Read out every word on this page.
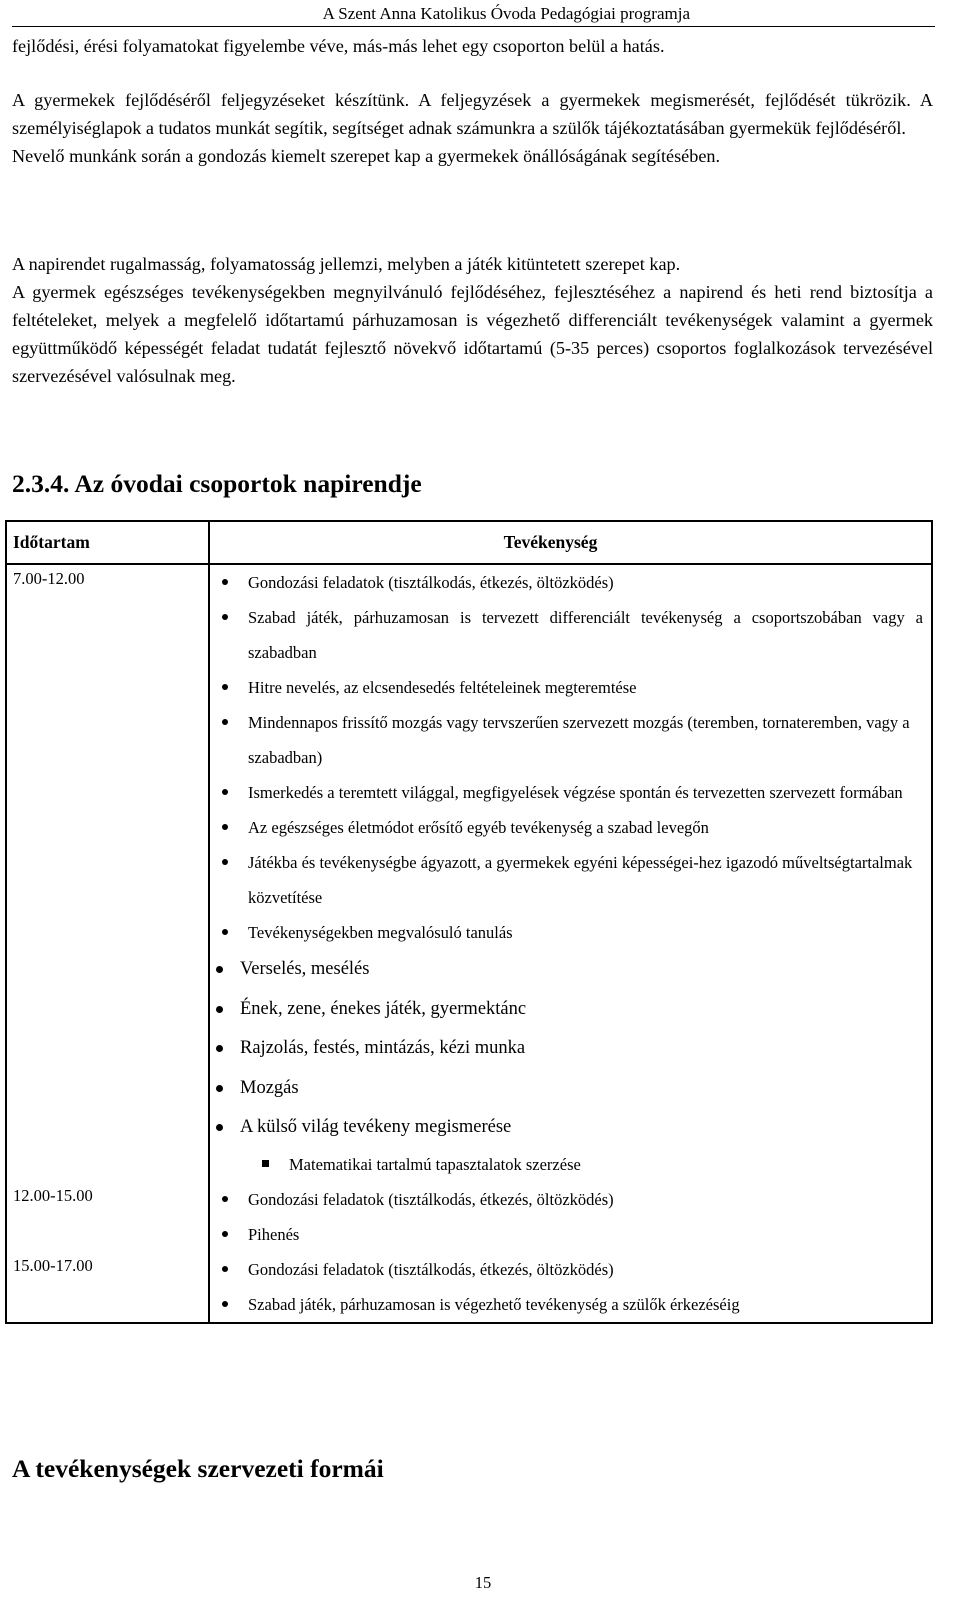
A Szent Anna Katolikus Óvoda Pedagógiai programja

fejlődési, érési folyamatokat figyelembe véve, más-más lehet egy csoporton belül a hatás.

A gyermekek fejlődéséről feljegyzéseket készítünk. A feljegyzések a gyermekek megismerését, fejlődését tükrözik. A személyiséglapok a tudatos munkát segítik, segítséget adnak számunkra a szülők tájékoztatásában gyermekük fejlődéséről.

Nevelő munkánk során a gondozás kiemelt szerepet kap a gyermekek önállóságának segítésében.

A napirendet rugalmasság, folyamatosság jellemzi, melyben a játék kitüntetett szerepet kap.

A gyermek egészséges tevékenységekben megnyilvánuló fejlődéséhez, fejlesztéséhez a napirend és heti rend biztosítja a feltételeket, melyek a megfelelő időtartamú párhuzamosan is végezhető differenciált tevékenységek valamint a gyermek együttműködő képességét feladat tudatát fejlesztő növekvő időtartamú (5-35 perces) csoportos foglalkozások tervezésével szervezésével valósulnak meg.

2.3.4. Az óvodai csoportok napirendje
Időtartam	Tevékenység
7.00-12.00	Gondozási feladatok (tisztálkodás, étkezés, öltözködés)
Szabad játék, párhuzamosan is tervezett differenciált tevékenység a csoportszobában vagy a szabadban
Hitre nevelés, az elcsendesedés feltételeinek megteremtése
Mindennapos frissítő mozgás vagy tervszerűen szervezett mozgás (teremben, tornateremben, vagy a szabadban)
Ismerkedés a teremtett világgal, megfigyelések végzése spontán és tervezetten szervezett formában
Az egészséges életmódot erősítő egyéb tevékenység a szabad levegőn
Játékba és tevékenységbe ágyazott, a gyermekek egyéni képességei-hez igazodó műveltségtartalmak közvetítése
Tevékenységekben megvalósuló tanulás
Verselés, mesélés
Ének, zene, énekes játék, gyermektánc
Rajzolás, festés, mintázás, kézi munka
Mozgás
A külső világ tevékeny megismerése
Matematikai tartalmú tapasztalatok szerzése
12.00-15.00	Gondozási feladatok (tisztálkodás, étkezés, öltözködés)
Pihenés
15.00-17.00	Gondozási feladatok (tisztálkodás, étkezés, öltözködés)
Szabad játék, párhuzamosan is végezhető tevékenység a szülők érkezéséig
A tevékenységek szervezeti formái
15
